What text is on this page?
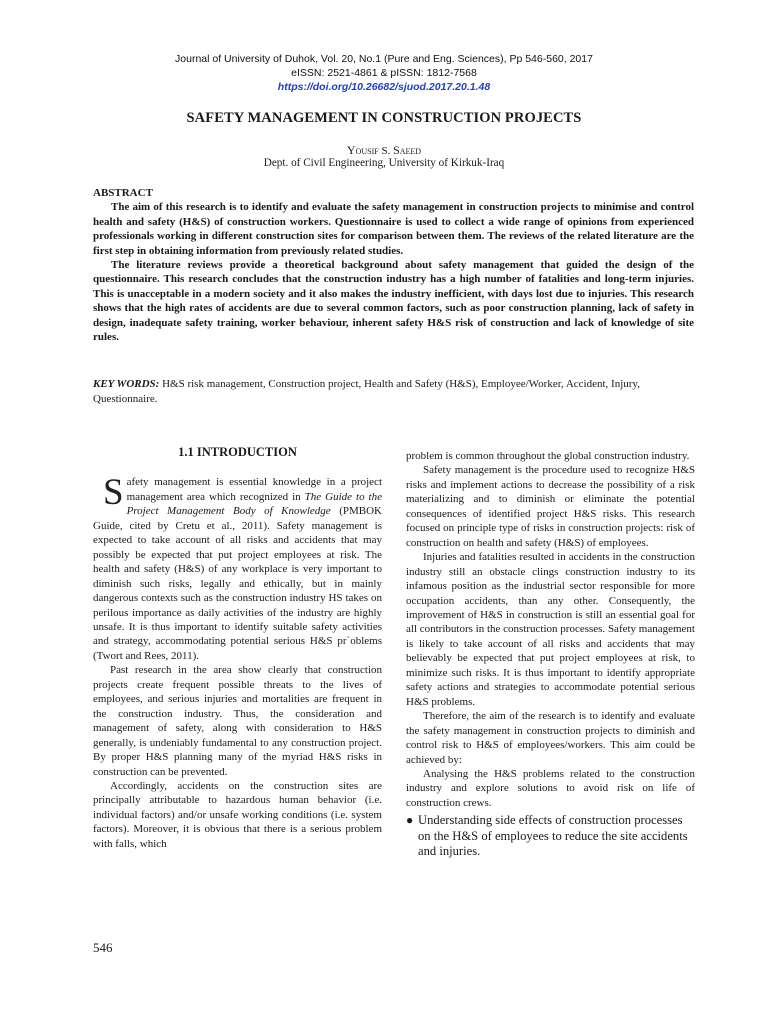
Journal of University of Duhok, Vol. 20, No.1 (Pure and Eng. Sciences), Pp 546-560, 2017
eISSN: 2521-4861 & pISSN: 1812-7568
https://doi.org/10.26682/sjuod.2017.20.1.48
SAFETY MANAGEMENT IN CONSTRUCTION PROJECTS
Yousif S. Saeed
Dept. of Civil Engineering, University of Kirkuk-Iraq

ABSTRACT

The aim of this research is to identify and evaluate the safety management in construction projects to minimise and control health and safety (H&S) of construction workers. Questionnaire is used to collect a wide range of opinions from experienced professionals working in different construction sites for comparison between them. The reviews of the related literature are the first step in obtaining information from previously related studies.

The literature reviews provide a theoretical background about safety management that guided the design of the questionnaire. This research concludes that the construction industry has a high number of fatalities and long-term injuries. This is unacceptable in a modern society and it also makes the industry inefficient, with days lost due to injuries. This research shows that the high rates of accidents are due to several common factors, such as poor construction planning, lack of safety in design, inadequate safety training, worker behaviour, inherent safety H&S risk of construction and lack of knowledge of site rules.

KEY WORDS: H&S risk management, Construction project, Health and Safety (H&S), Employee/Worker, Accident, Injury, Questionnaire.
1.1 INTRODUCTION

Safety management is essential knowledge in a project management area which recognized in The Guide to the Project Management Body of Knowledge (PMBOK Guide, cited by Cretu et al., 2011). Safety management is expected to take account of all risks and accidents that may possibly be expected that put project employees at risk. The health and safety (H&S) of any workplace is very important to diminish such risks, legally and ethically, but in mainly dangerous contexts such as the construction industry HS takes on perilous importance as daily activities of the industry are highly unsafe. It is thus important to identify suitable safety activities and strategy, accommodating potential serious H&S pr`oblems (Twort and Rees, 2011).

Past research in the area show clearly that construction projects create frequent possible threats to the lives of employees, and serious injuries and mortalities are frequent in the construction industry. Thus, the consideration and management of safety, along with consideration to H&S generally, is undeniably fundamental to any construction project. By proper H&S planning many of the myriad H&S risks in construction can be prevented.

Accordingly, accidents on the construction sites are principally attributable to hazardous human behavior (i.e. individual factors) and/or unsafe working conditions (i.e. system factors). Moreover, it is obvious that there is a serious problem with falls, which

problem is common throughout the global construction industry.

Safety management is the procedure used to recognize H&S risks and implement actions to decrease the possibility of a risk materializing and to diminish or eliminate the potential consequences of identified project H&S risks. This research focused on principle type of risks in construction projects: risk of construction on health and safety (H&S) of employees.

Injuries and fatalities resulted in accidents in the construction industry still an obstacle clings construction industry to its infamous position as the industrial sector responsible for more occupation accidents, than any other. Consequently, the improvement of H&S in construction is still an essential goal for all contributors in the construction processes. Safety management is likely to take account of all risks and accidents that may believably be expected that put project employees at risk, to minimize such risks. It is thus important to identify appropriate safety actions and strategies to accommodate potential serious H&S problems.

Therefore, the aim of the research is to identify and evaluate the safety management in construction projects to diminish and control risk to H&S of employees/workers. This aim could be achieved by:

Analysing the H&S problems related to the construction industry and explore solutions to avoid risk on life of construction crews.

● Understanding side effects of construction processes on the H&S of employees to reduce the site accidents and injuries.
546
